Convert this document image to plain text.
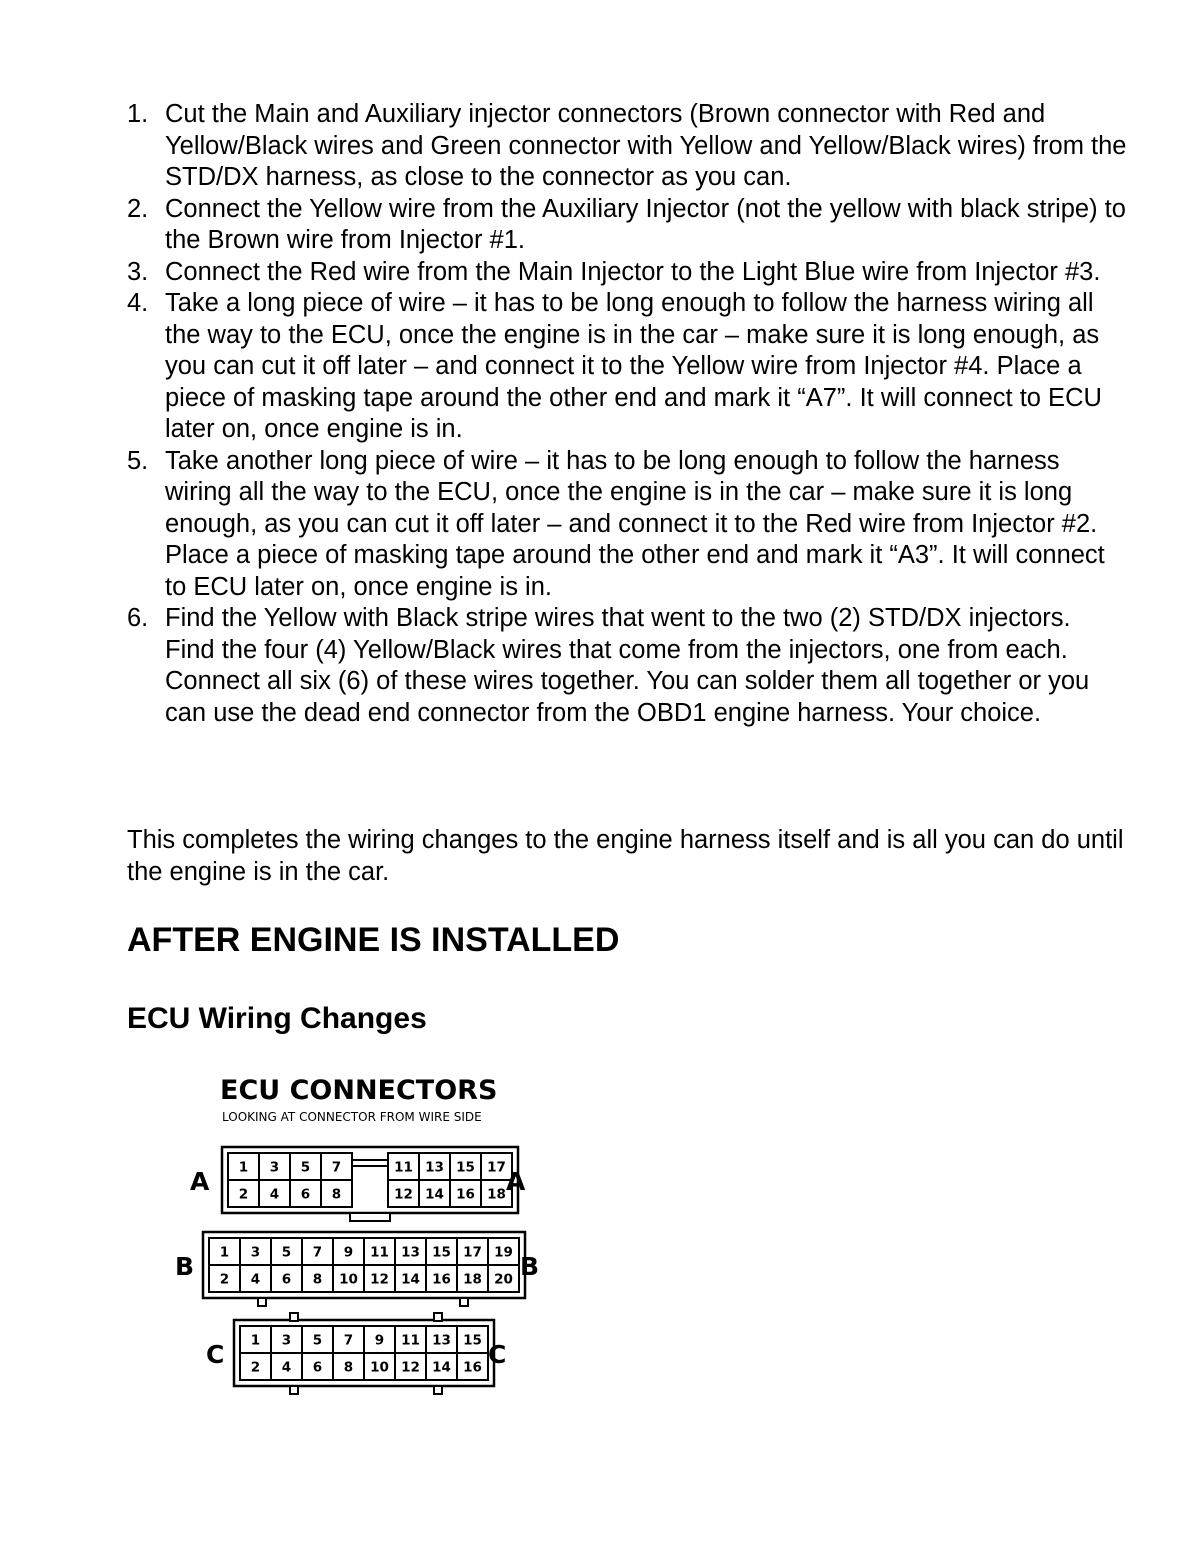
1. Cut the Main and Auxiliary injector connectors (Brown connector with Red and Yellow/Black wires and Green connector with Yellow and Yellow/Black wires) from the STD/DX harness, as close to the connector as you can.
2. Connect the Yellow wire from the Auxiliary Injector (not the yellow with black stripe) to the Brown wire from Injector #1.
3. Connect the Red wire from the Main Injector to the Light Blue wire from Injector #3.
4. Take a long piece of wire – it has to be long enough to follow the harness wiring all the way to the ECU, once the engine is in the car – make sure it is long enough, as you can cut it off later – and connect it to the Yellow wire from Injector #4. Place a piece of masking tape around the other end and mark it “A7”. It will connect to ECU later on, once engine is in.
5. Take another long piece of wire – it has to be long enough to follow the harness wiring all the way to the ECU, once the engine is in the car – make sure it is long enough, as you can cut it off later – and connect it to the Red wire from Injector #2. Place a piece of masking tape around the other end and mark it “A3”. It will connect to ECU later on, once engine is in.
6. Find the Yellow with Black stripe wires that went to the two (2) STD/DX injectors. Find the four (4) Yellow/Black wires that come from the injectors, one from each. Connect all six (6) of these wires together. You can solder them all together or you can use the dead end connector from the OBD1 engine harness. Your choice.

This completes the wiring changes to the engine harness itself and is all you can do until the engine is in the car.

AFTER ENGINE IS INSTALLED
ECU Wiring Changes
ECU CONNECTORS
LOOKING AT CONNECTOR FROM WIRE SIDE
1 3 5 7	11 13 15 17
2 4 6 8	12 14 16 18
A	A
1 3 5 7 9 11 13 15 17 19
2 4 6 8 10 12 14 16 18 20
B	B
1 3 5 7 9 11 13 15
2 4 6 8 10 12 14 16
C	C
